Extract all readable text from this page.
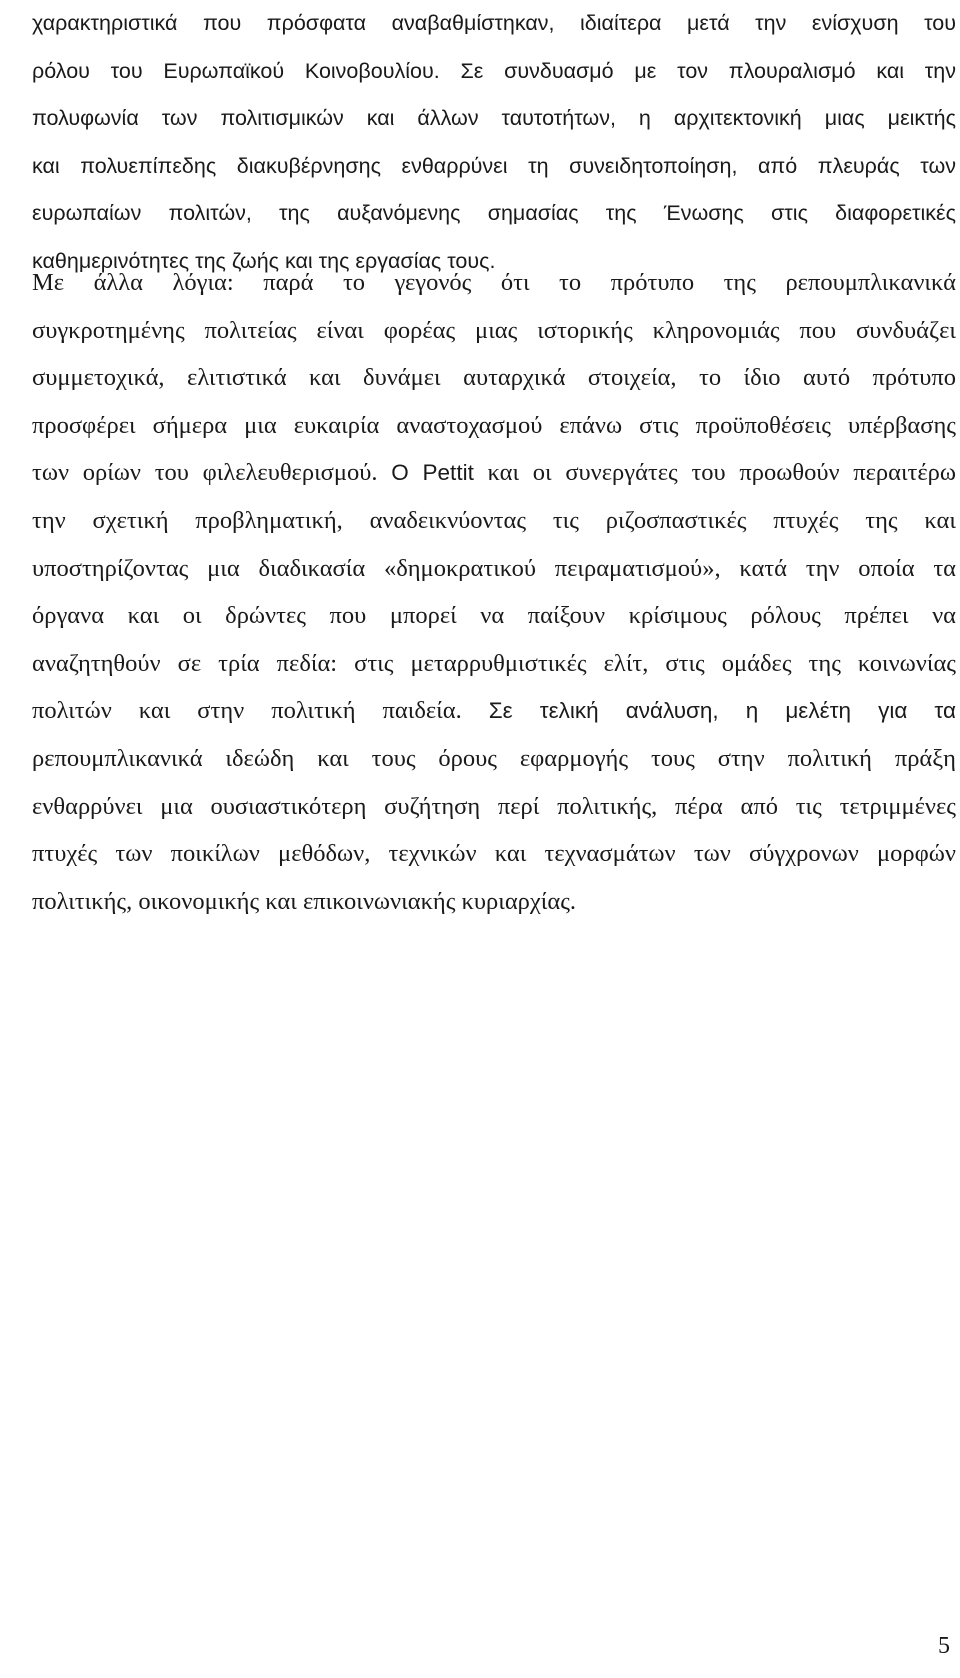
χαρακτηριστικά που πρόσφατα αναβαθμίστηκαν, ιδιαίτερα μετά την ενίσχυση του
ρόλου του Ευρωπαϊκού Κοινοβουλίου. Σε συνδυασμό με τον πλουραλισμό και την
πολυφωνία των πολιτισμικών και άλλων ταυτοτήτων, η αρχιτεκτονική μιας μεικτής
και πολυεπίπεδης διακυβέρνησης ενθαρρύνει τη συνειδητοποίηση, από πλευράς των
ευρωπαίων πολιτών, της αυξανόμενης σημασίας της Ένωσης στις διαφορετικές
καθημερινότητες της ζωής και της εργασίας τους.
Με άλλα λόγια: παρά το γεγονός ότι το πρότυπο της ρεπουμπλικανικά
συγκροτημένης πολιτείας είναι φορέας μιας ιστορικής κληρονομιάς που συνδυάζει
συμμετοχικά, ελιτιστικά και δυνάμει αυταρχικά στοιχεία, το ίδιο αυτό πρότυπο
προσφέρει σήμερα μια ευκαιρία αναστοχασμού επάνω στις προϋποθέσεις υπέρβασης
των ορίων του φιλελευθερισμού. Ο Pettit και οι συνεργάτες του προωθούν περαιτέρω
την σχετική προβληματική, αναδεικνύοντας τις ριζοσπαστικές πτυχές της και
υποστηρίζοντας μια διαδικασία «δημοκρατικού πειραματισμού», κατά την οποία τα
όργανα και οι δρώντες που μπορεί να παίξουν κρίσιμους ρόλους πρέπει να
αναζητηθούν σε τρία πεδία: στις μεταρρυθμιστικές ελίτ, στις ομάδες της κοινωνίας
πολιτών και στην πολιτική παιδεία. Σε τελική ανάλυση, η μελέτη για τα
ρεπουμπλικανικά ιδεώδη και τους όρους εφαρμογής τους στην πολιτική πράξη
ενθαρρύνει μια ουσιαστικότερη συζήτηση περί πολιτικής, πέρα από τις τετριμμένες
πτυχές των ποικίλων μεθόδων, τεχνικών και τεχνασμάτων των σύγχρονων μορφών
πολιτικής, οικονομικής και επικοινωνιακής κυριαρχίας.
5
